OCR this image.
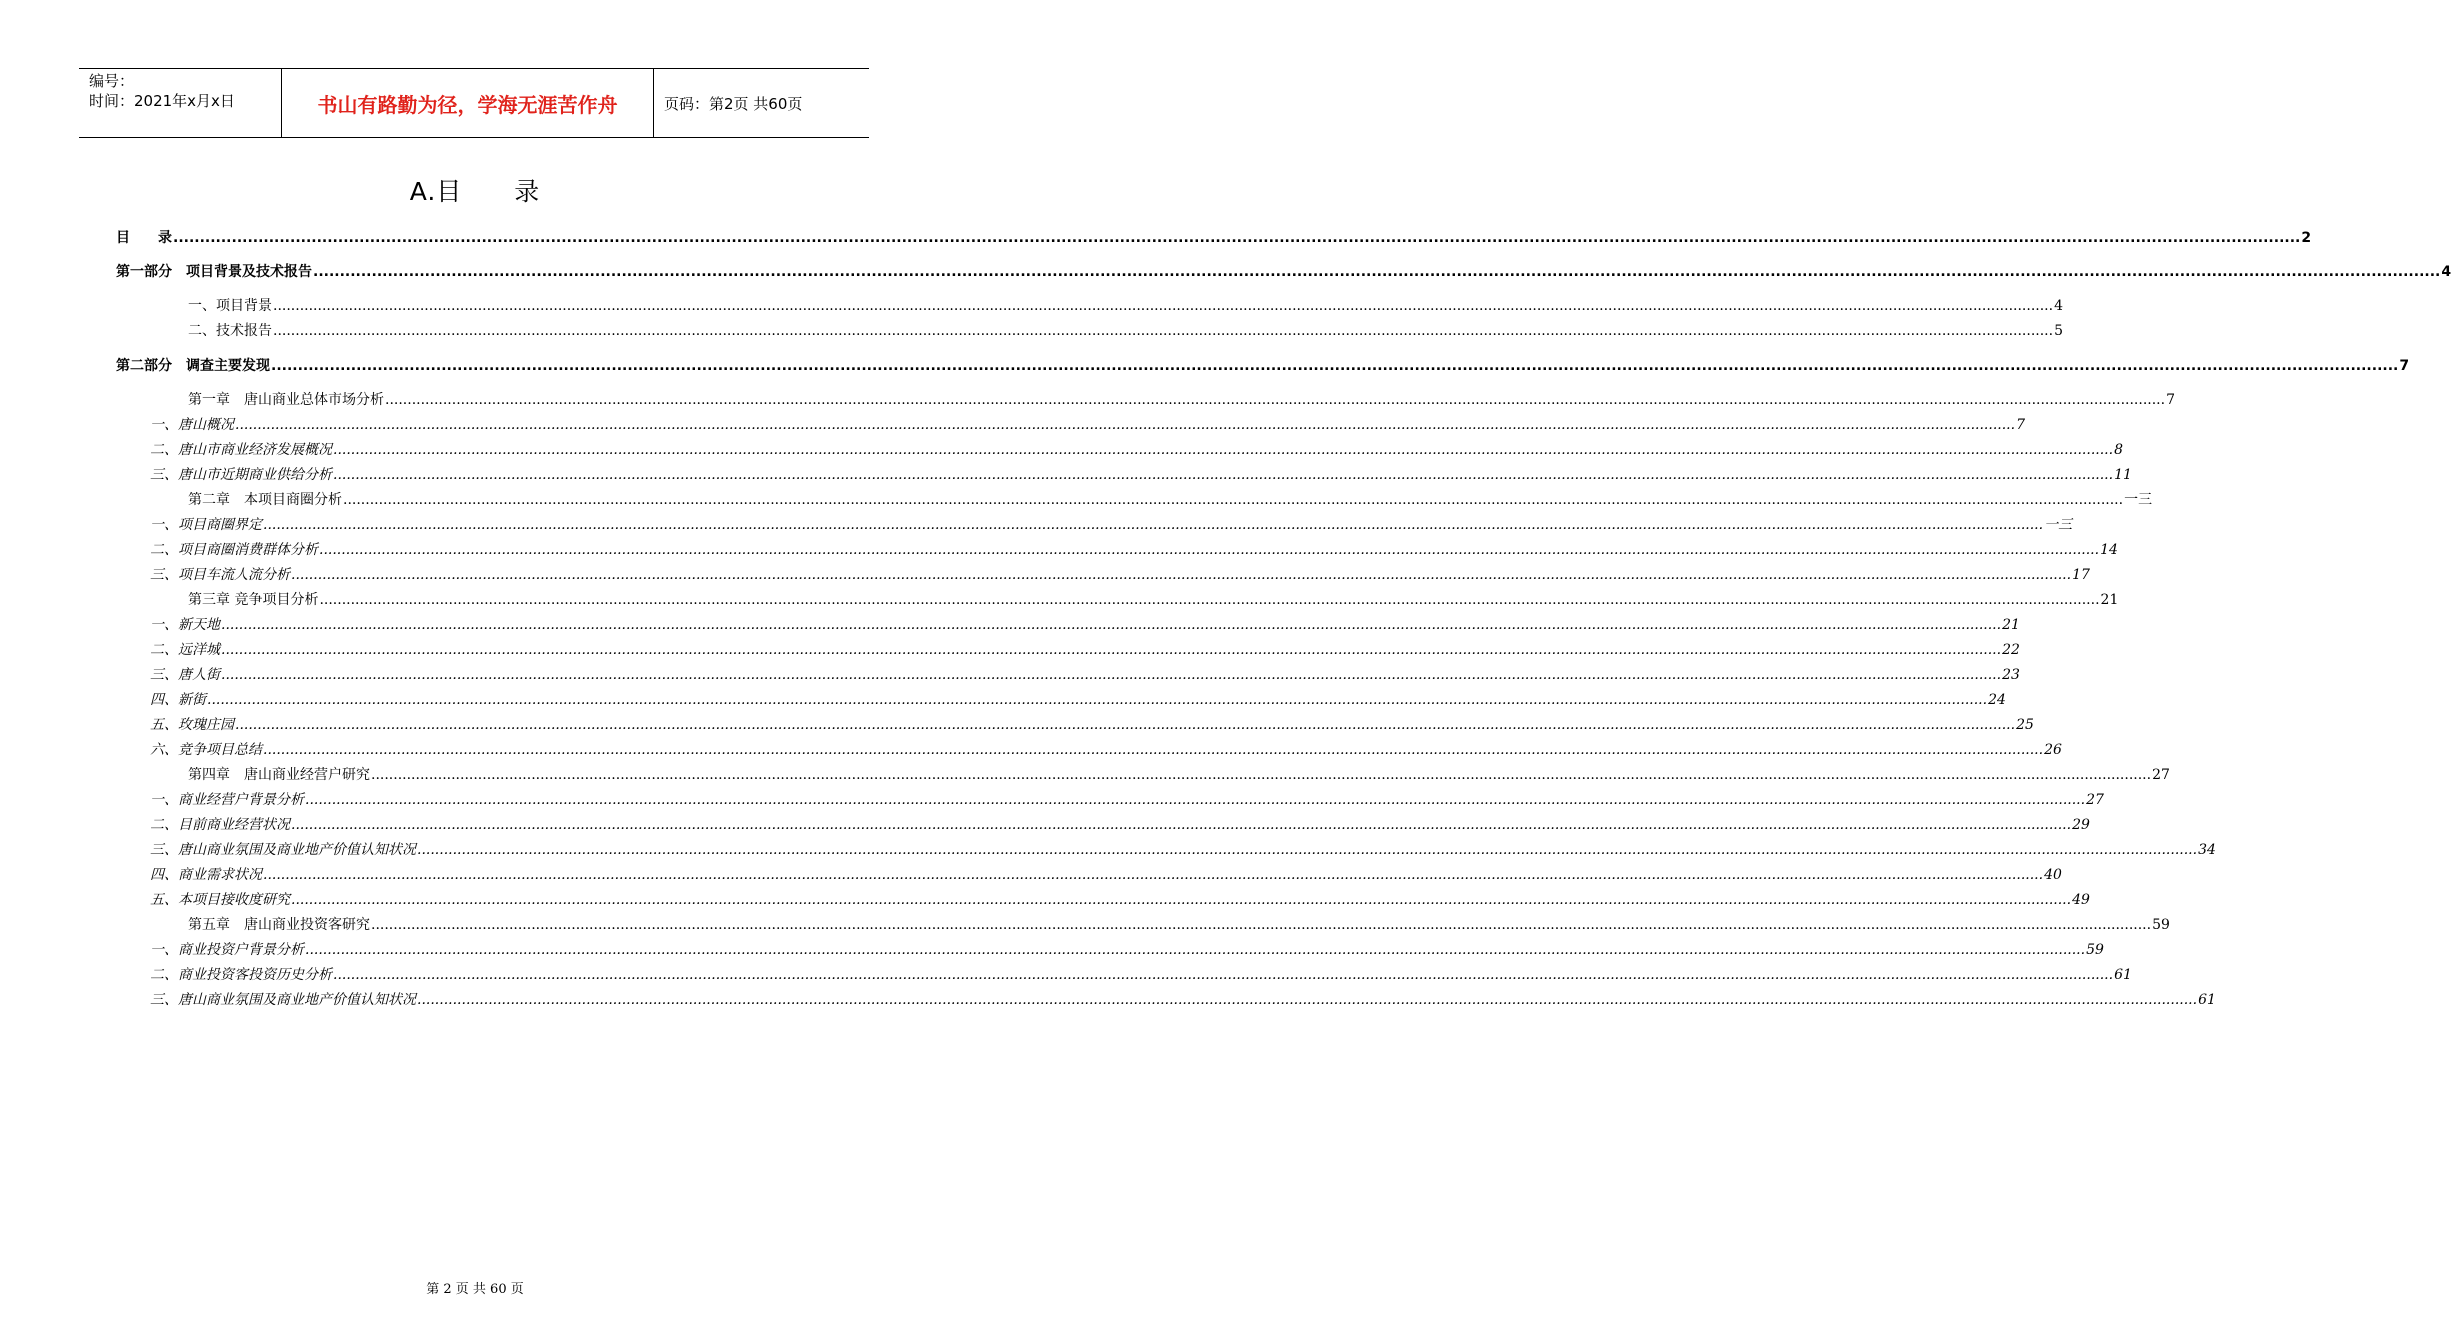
编号：
时间：2021年x月x日	书山有路勤为径，学海无涯苦作舟	页码：第2页 共60页
A.目　　录
目　　录 ................................................................................................................................................................................................................................................................................................................................................................................................................ 2
第一部分　项目背景及技术报告 ................................................................................................................................................................................................................................................................................................................................................................................................................ 4
一、项目背景 ................................................................................................................................................................................................................................................................................................................................................................................................................ 4
二、技术报告 ................................................................................................................................................................................................................................................................................................................................................................................................................ 5
第二部分　调查主要发现 ................................................................................................................................................................................................................................................................................................................................................................................................................ 7
第一章　唐山商业总体市场分析 ................................................................................................................................................................................................................................................................................................................................................................................................................ 7
一、唐山概况 ................................................................................................................................................................................................................................................................................................................................................................................................................ 7
二、唐山市商业经济发展概况 ................................................................................................................................................................................................................................................................................................................................................................................................................ 8
三、唐山市近期商业供给分析 ................................................................................................................................................................................................................................................................................................................................................................................................................ 11
第二章　本项目商圈分析 ................................................................................................................................................................................................................................................................................................................................................................................................................ 一三
一、项目商圈界定 ................................................................................................................................................................................................................................................................................................................................................................................................................ 一三
二、项目商圈消费群体分析 ................................................................................................................................................................................................................................................................................................................................................................................................................ 14
三、项目车流人流分析 ................................................................................................................................................................................................................................................................................................................................................................................................................ 17
第三章 竞争项目分析 ................................................................................................................................................................................................................................................................................................................................................................................................................ 21
一、新天地 ................................................................................................................................................................................................................................................................................................................................................................................................................ 21
二、远洋城 ................................................................................................................................................................................................................................................................................................................................................................................................................ 22
三、唐人街 ................................................................................................................................................................................................................................................................................................................................................................................................................ 23
四、新街 ................................................................................................................................................................................................................................................................................................................................................................................................................ 24
五、玫瑰庄园 ................................................................................................................................................................................................................................................................................................................................................................................................................ 25
六、竞争项目总结 ................................................................................................................................................................................................................................................................................................................................................................................................................ 26
第四章　唐山商业经营户研究 ................................................................................................................................................................................................................................................................................................................................................................................................................ 27
一、商业经营户背景分析 ................................................................................................................................................................................................................................................................................................................................................................................................................ 27
二、目前商业经营状况 ................................................................................................................................................................................................................................................................................................................................................................................................................ 29
三、唐山商业氛围及商业地产价值认知状况 ................................................................................................................................................................................................................................................................................................................................................................................................................ 34
四、商业需求状况 ................................................................................................................................................................................................................................................................................................................................................................................................................ 40
五、本项目接收度研究 ................................................................................................................................................................................................................................................................................................................................................................................................................ 49
第五章　唐山商业投资客研究 ................................................................................................................................................................................................................................................................................................................................................................................................................ 59
一、商业投资户背景分析 ................................................................................................................................................................................................................................................................................................................................................................................................................ 59
二、商业投资客投资历史分析 ................................................................................................................................................................................................................................................................................................................................................................................................................ 61
三、唐山商业氛围及商业地产价值认知状况 ................................................................................................................................................................................................................................................................................................................................................................................................................ 61
第 2 页 共 60 页
